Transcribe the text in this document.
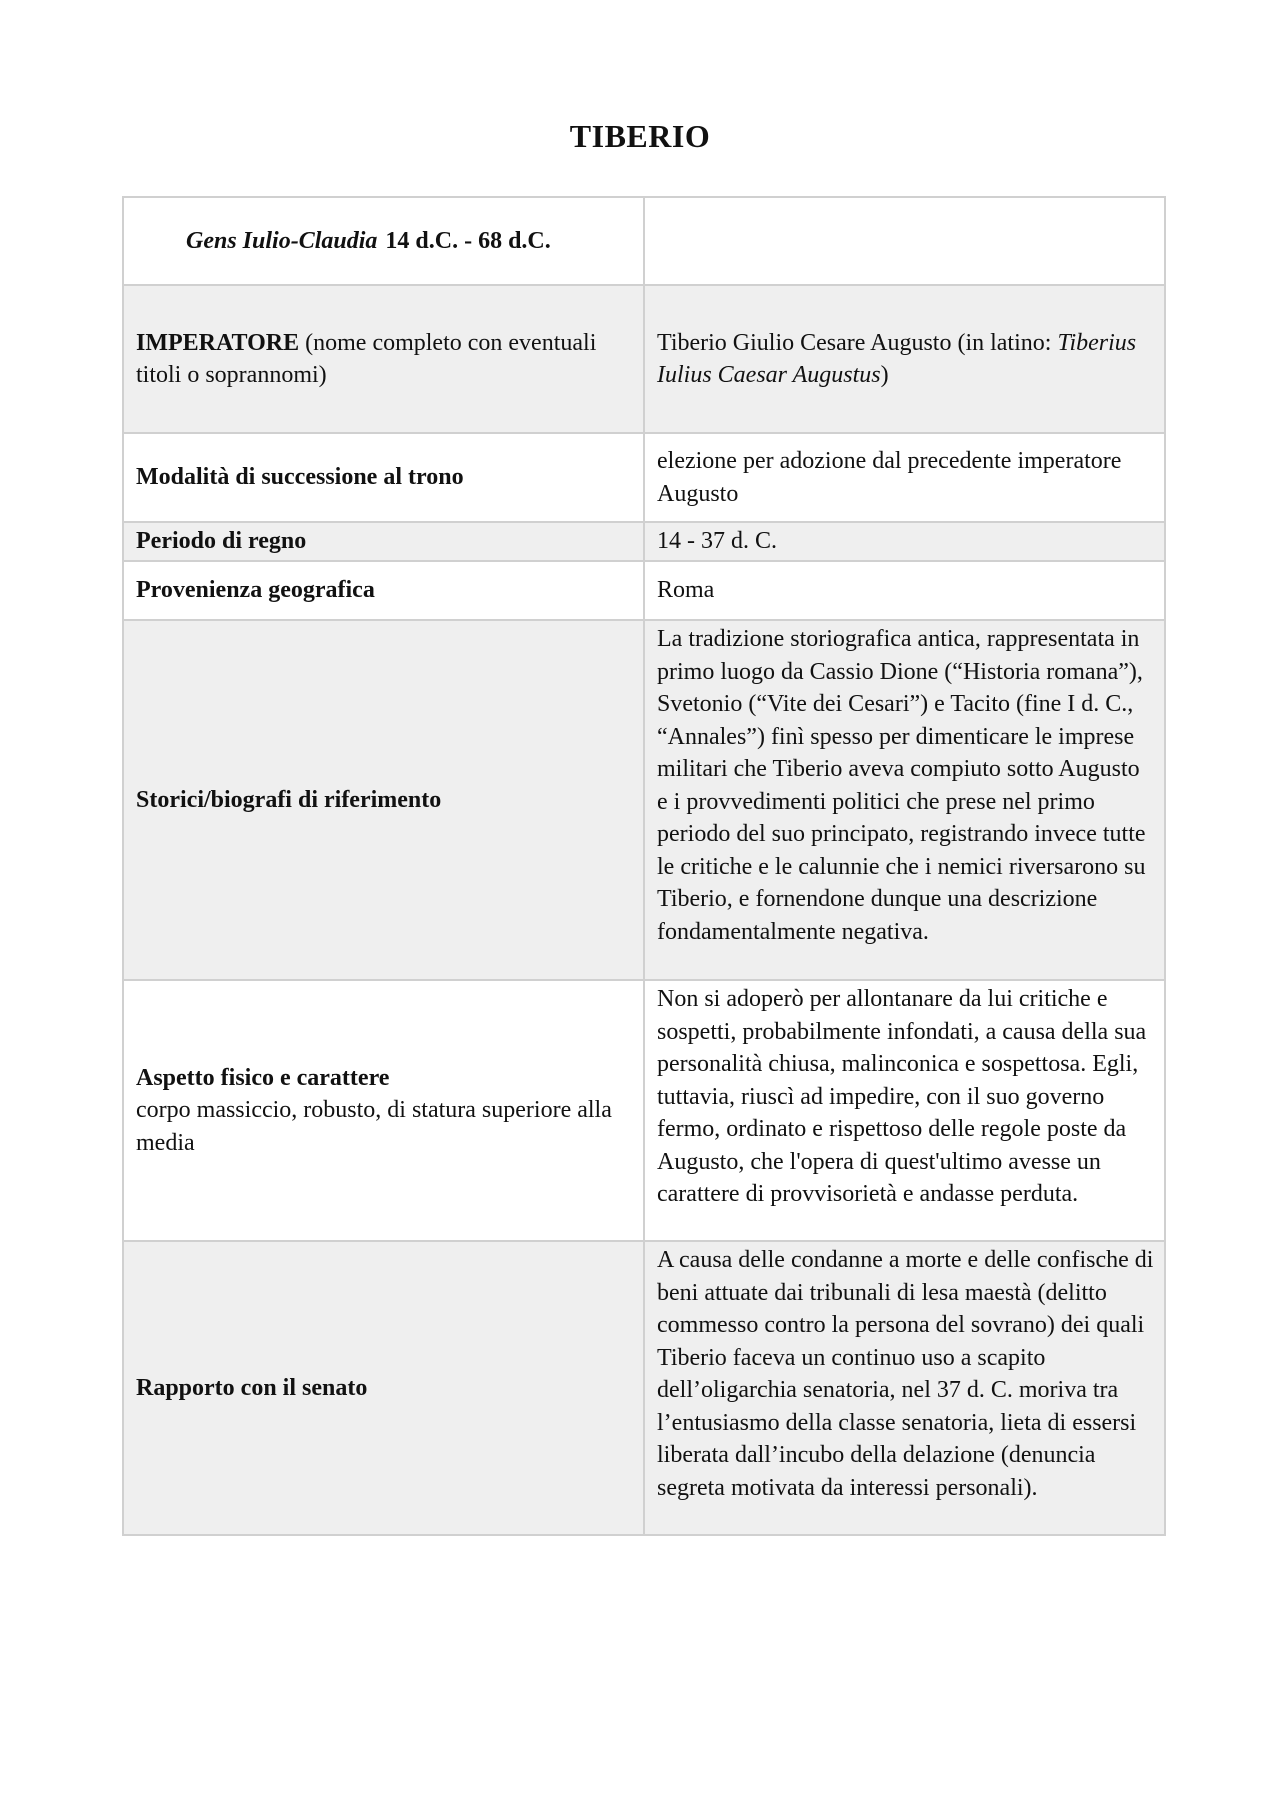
TIBERIO
Gens Iulio-Claudia 14 d.C. - 68 d.C.	
IMPERATORE (nome completo con eventuali titoli o soprannomi)	Tiberio Giulio Cesare Augusto (in latino: Tiberius Iulius Caesar Augustus)
Modalità di successione al trono	elezione per adozione dal precedente imperatore Augusto
Periodo di regno	14 - 37 d. C.
Provenienza geografica	Roma
Storici/biografi di riferimento	La tradizione storiografica antica, rappresentata in primo luogo da Cassio Dione (“Historia romana”), Svetonio (“Vite dei Cesari”) e Tacito (fine I d. C., “Annales”) finì spesso per dimenticare le imprese militari che Tiberio aveva compiuto sotto Augusto e i provvedimenti politici che prese nel primo periodo del suo principato, registrando invece tutte le critiche e le calunnie che i nemici riversarono su Tiberio, e fornendone dunque una descrizione fondamentalmente negativa.

Aspetto fisico e carattere
corpo massiccio, robusto, di statura superiore alla media	Non si adoperò per allontanare da lui critiche e sospetti, probabilmente infondati, a causa della sua personalità chiusa, malinconica e sospettosa. Egli, tuttavia, riuscì ad impedire, con il suo governo fermo, ordinato e rispettoso delle regole poste da Augusto, che l'opera di quest'ultimo avesse un carattere di provvisorietà e andasse perduta.
Rapporto con il senato	A causa delle condanne a morte e delle confische di beni attuate dai tribunali di lesa maestà (delitto commesso contro la persona del sovrano) dei quali Tiberio faceva un continuo uso a scapito dell’oligarchia senatoria, nel 37 d. C. moriva tra l’entusiasmo della classe senatoria, lieta di essersi liberata dall’incubo della delazione (denuncia segreta motivata da interessi personali).
